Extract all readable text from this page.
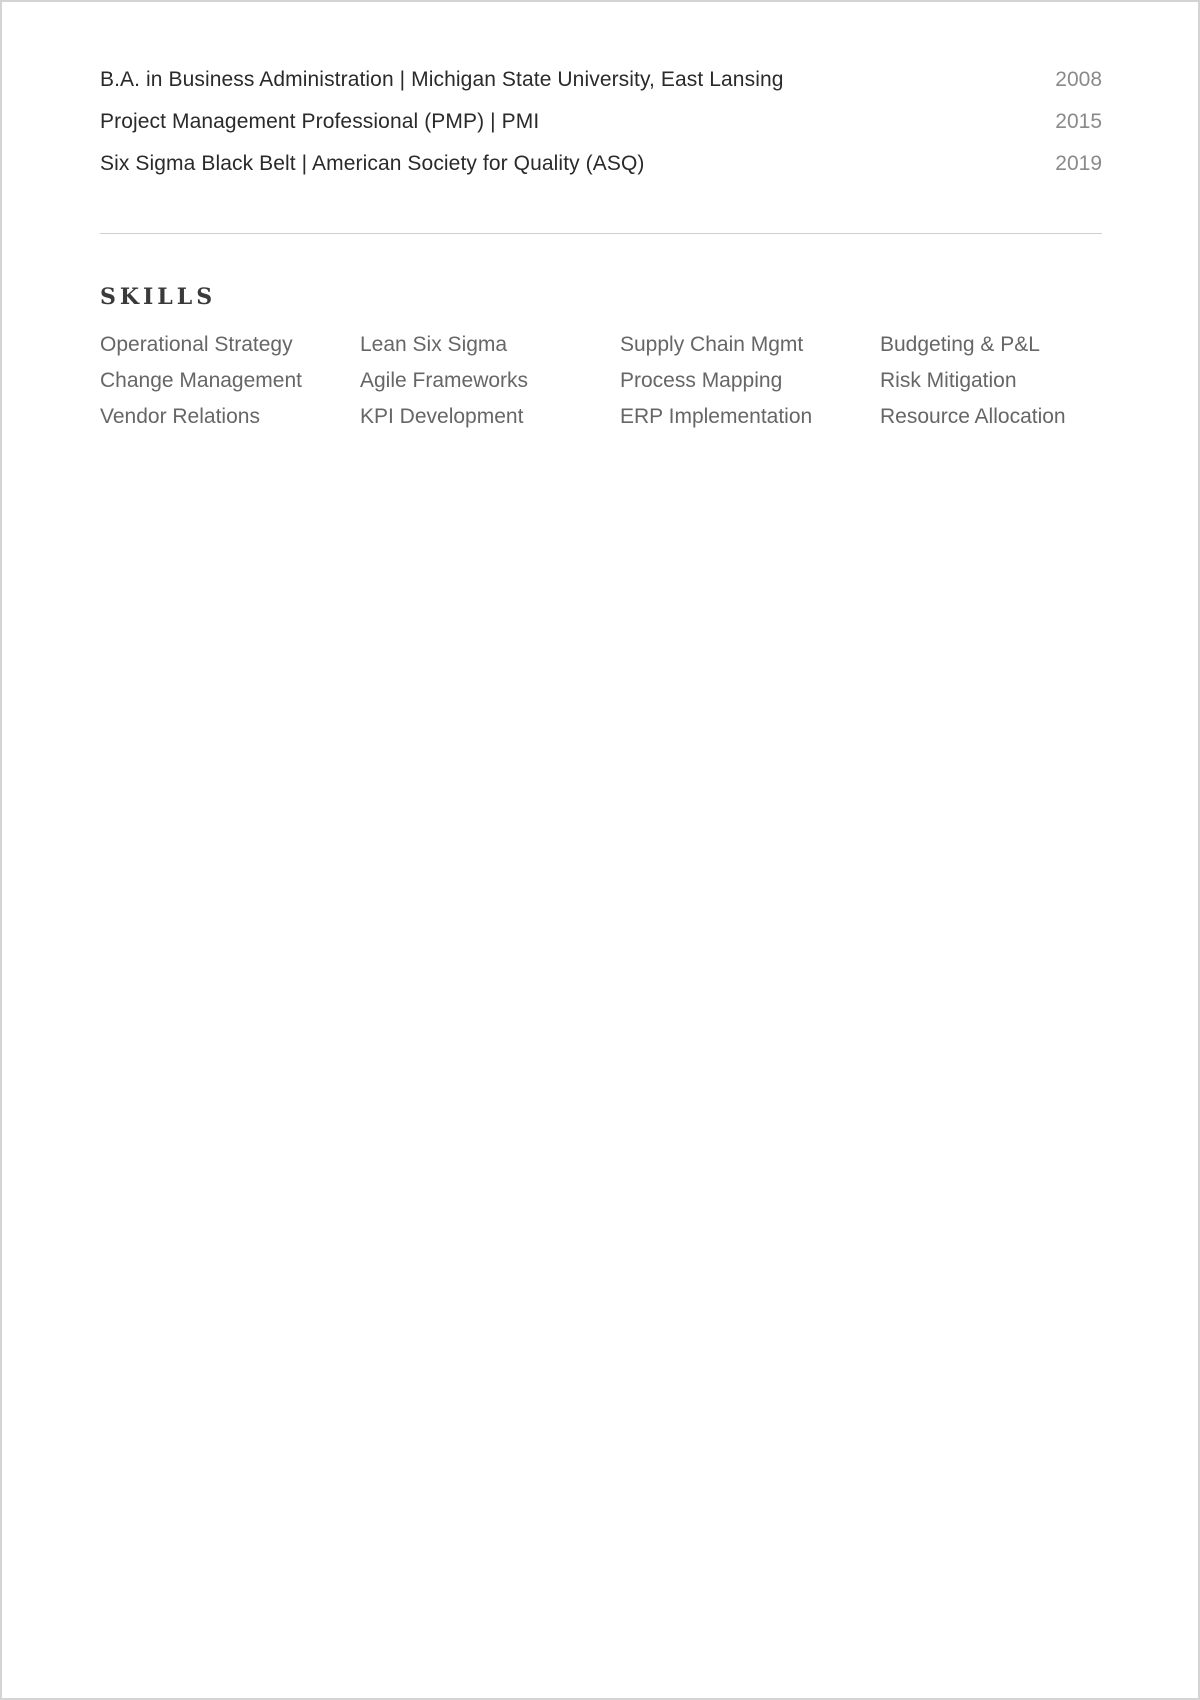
B.A. in Business Administration | Michigan State University, East Lansing	2008
Project Management Professional (PMP) | PMI	2015
Six Sigma Black Belt | American Society for Quality (ASQ)	2019
SKILLS
Operational Strategy	Lean Six Sigma	Supply Chain Mgmt	Budgeting & P&L
Change Management	Agile Frameworks	Process Mapping	Risk Mitigation
Vendor Relations	KPI Development	ERP Implementation	Resource Allocation
